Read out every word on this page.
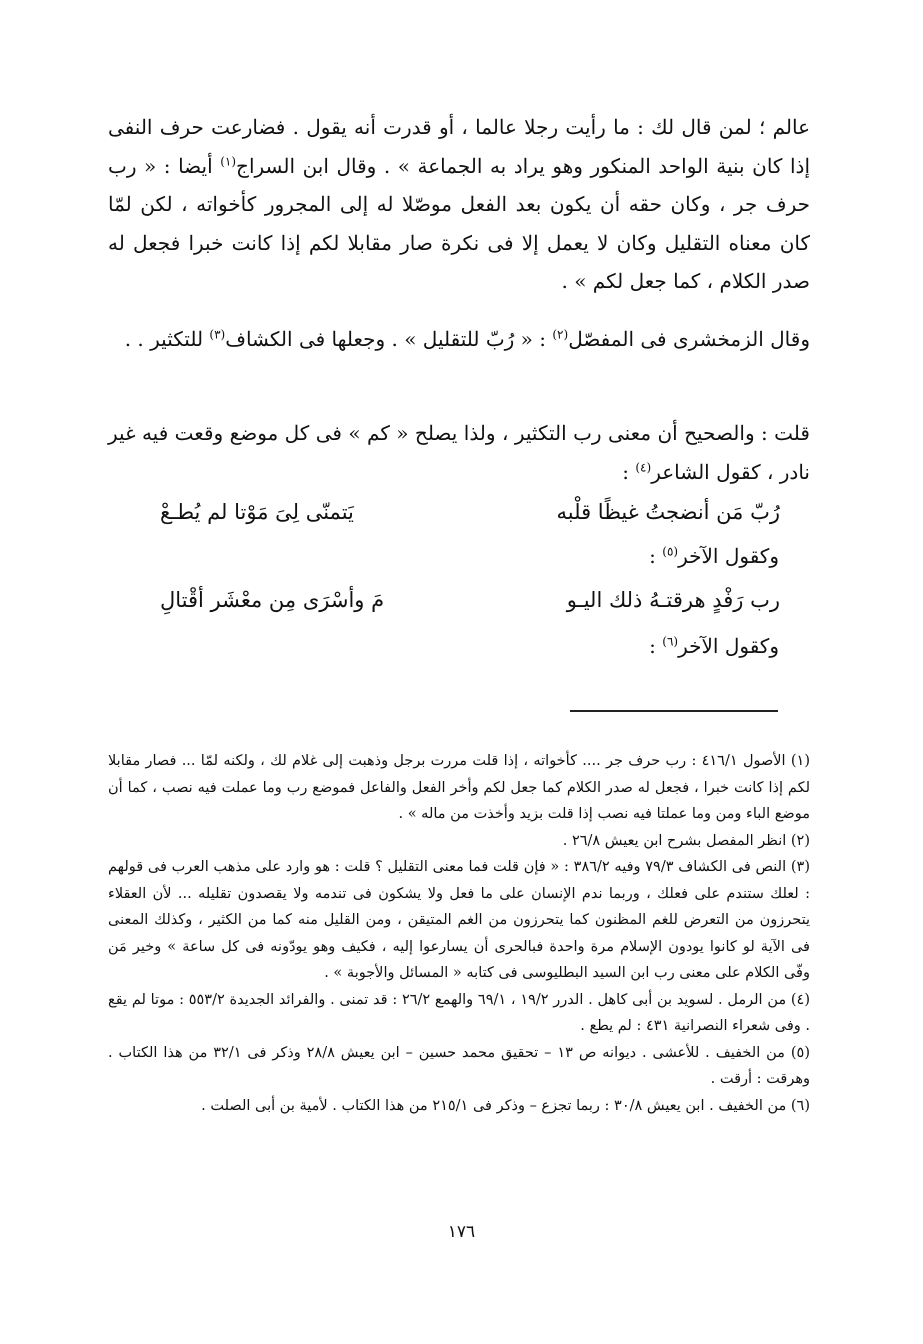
عالم ؛ لمن قال لك : ما رأيت رجلا عالما ، أو قدرت أنه يقول . فضارعت حرف النفى إذا كان بنية الواحد المنكور وهو يراد به الجماعة » . وقال ابن السراج$^{(١)}$ أيضا : « رب حرف جر ، وكان حقه أن يكون بعد الفعل موصّلا له إلى المجرور كأخواته ، لكن لمّا كان معناه التقليل وكان لا يعمل إلا فى نكرة صار مقابلا لكم إذا كانت خبرا فجعل له صدر الكلام ، كما جعل لكم » .

وقال الزمخشرى فى المفصّل$^{(٢)}$ : « رُبّ للتقليل » . وجعلها فى الكشاف$^{(٣)}$ للتكثير . .

قلت : والصحيح أن معنى رب التكثير ، ولذا يصلح « كم » فى كل موضع وقعت فيه غير نادر ، كقول الشاعر$^{(٤)}$ :

رُبّ مَن أنضجتُ غيظًا قلْبه
يَتمنّى لِىَ مَوْتا لم يُطـعْ
وكقول الآخر$^{(٥)}$ :
رب رَفْدٍ هرقتـهُ ذلك اليـو
مَ وأسْرَى مِن معْشَر أقْتالِ
وكقول الآخر$^{(٦)}$ :

(١) الأصول ٤١٦/١ : رب حرف جر .... كأخواته ، إذا قلت مررت برجل وذهبت إلى غلام لك ، ولكنه لمّا ... فصار مقابلا لكم إذا كانت خبرا ، فجعل له صدر الكلام كما جعل لكم وأخر الفعل والفاعل فموضع رب وما عملت فيه نصب ، كما أن موضع الباء ومن وما عملتا فيه نصب إذا قلت بزيد وأخذت من ماله » .

(٢) انظر المفصل بشرح ابن يعيش ٢٦/٨ .

(٣) النص فى الكشاف ٧٩/٣ وفيه ٣٨٦/٢ : « فإن قلت فما معنى التقليل ؟ قلت : هو وارد على مذهب العرب فى قولهم : لعلك ستندم على فعلك ، وربما ندم الإنسان على ما فعل ولا يشكون فى تندمه ولا يقصدون تقليله ... لأن العقلاء يتحرزون من التعرض للغم المظنون كما يتحرزون من الغم المتيقن ، ومن القليل منه كما من الكثير ، وكذلك المعنى فى الآية لو كانوا يودون الإسلام مرة واحدة فبالحرى أن يسارعوا إليه ، فكيف وهو يودّونه فى كل ساعة » وخير مَن وفّى الكلام على معنى رب ابن السيد البطليوسى فى كتابه « المسائل والأجوبة » .

(٤) من الرمل . لسويد بن أبى كاهل . الدرر ١٩/٢ ، ٦٩/١ والهمع ٢٦/٢ : قد تمنى . والفرائد الجديدة ٥٥٣/٢ : موتا لم يقع . وفى شعراء النصرانية ٤٣١ : لم يطع .

(٥) من الخفيف . للأعشى . ديوانه ص ١٣ – تحقيق محمد حسين – ابن يعيش ٢٨/٨ وذكر فى ٣٢/١ من هذا الكتاب . وهرقت : أرقت .

(٦) من الخفيف . ابن يعيش ٣٠/٨ : ربما تجزع – وذكر فى ٢١٥/١ من هذا الكتاب . لأمية بن أبى الصلت .

١٧٦
